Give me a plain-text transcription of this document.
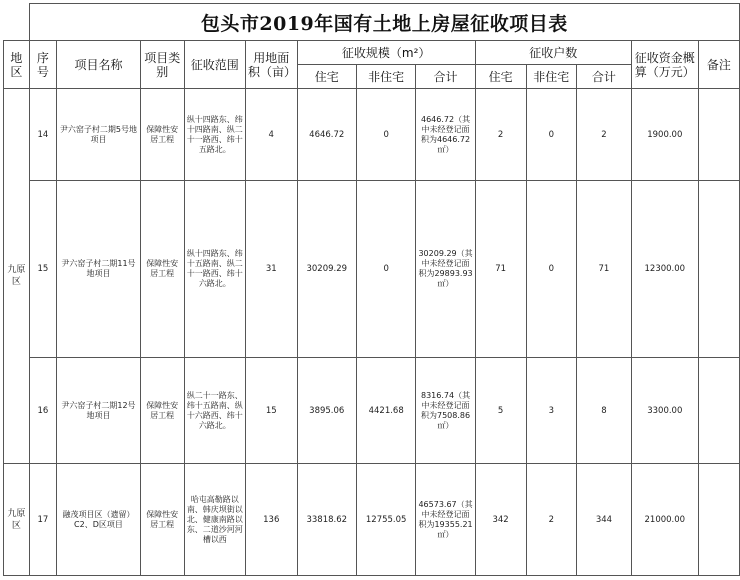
	包头市2019年国有土地上房屋征收项目表												
地区	序号	项目名称	项目类别	征收范围	用地面积（亩）	征收规模（m²）			征收户数			征收资金概算（万元）	备注
						住宅	非住宅	合计	住宅	非住宅	合计		
九原区	14	尹六窑子村二期5号地项目	保障性安居工程	纵十四路东、纬十四路南、纵二十一路西、纬十五路北。	4	4646.72	0	4646.72（其中未经登记面积为4646.72㎡）	2	0	2	1900.00	
	15	尹六窑子村二期11号地项目	保障性安居工程	纵十四路东、纬十五路南、纵二十一路西、纬十六路北。	31	30209.29	0	30209.29（其中未经登记面积为29893.93㎡）	71	0	71	12300.00	
	16	尹六窑子村二期12号地项目	保障性安居工程	纵二十一路东、纬十五路南、纵十六路西、纬十六路北。	15	3895.06	4421.68	8316.74（其中未经登记面积为7508.86㎡）	5	3	8	3300.00	
九原区	17	融茂项目区（遗留）C2、D区项目	保障性安居工程	哈屯高勒路以南、韩庆坝街以北、健康南路以东、二道沙河河槽以西	136	33818.62	12755.05	46573.67（其中未经登记面积为19355.21㎡）	342	2	344	21000.00	
